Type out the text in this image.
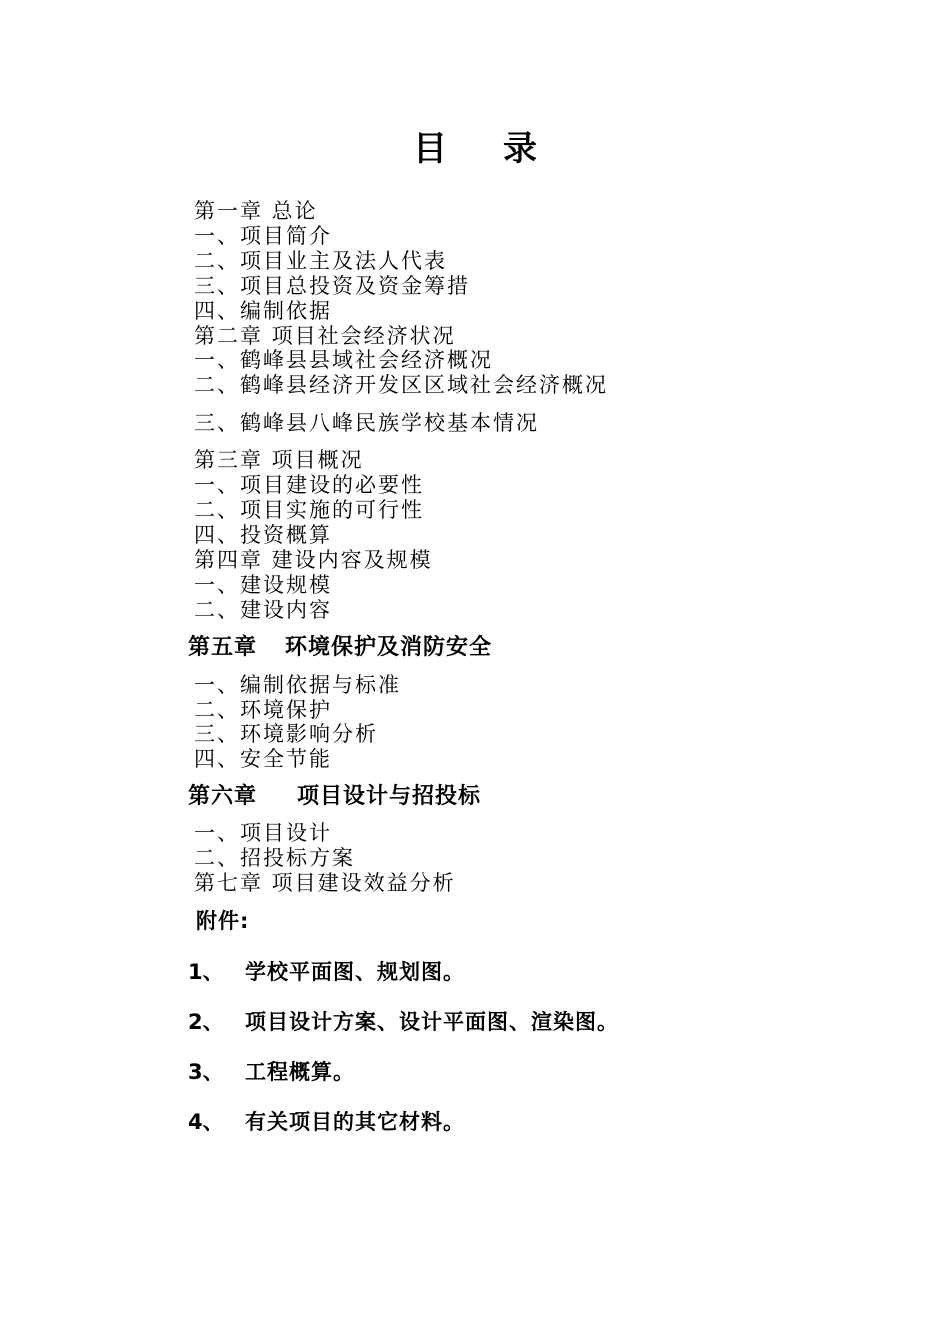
目 录
第一章 总论
一、项目简介
二、项目业主及法人代表
三、项目总投资及资金筹措
四、编制依据
第二章 项目社会经济状况
一、鹤峰县县域社会经济概况
二、鹤峰县经济开发区区域社会经济概况
三、鹤峰县八峰民族学校基本情况
第三章 项目概况
一、项目建设的必要性
二、项目实施的可行性
四、投资概算
第四章 建设内容及规模
一、建设规模
二、建设内容
第五章 环境保护及消防安全
一、编制依据与标准
二、环境保护
三、环境影响分析
四、安全节能
第六章 项目设计与招投标
一、项目设计
二、招投标方案
第七章 项目建设效益分析
附件:
1、 学校平面图、规划图。
2、 项目设计方案、设计平面图、渲染图。
3、 工程概算。
4、 有关项目的其它材料。
